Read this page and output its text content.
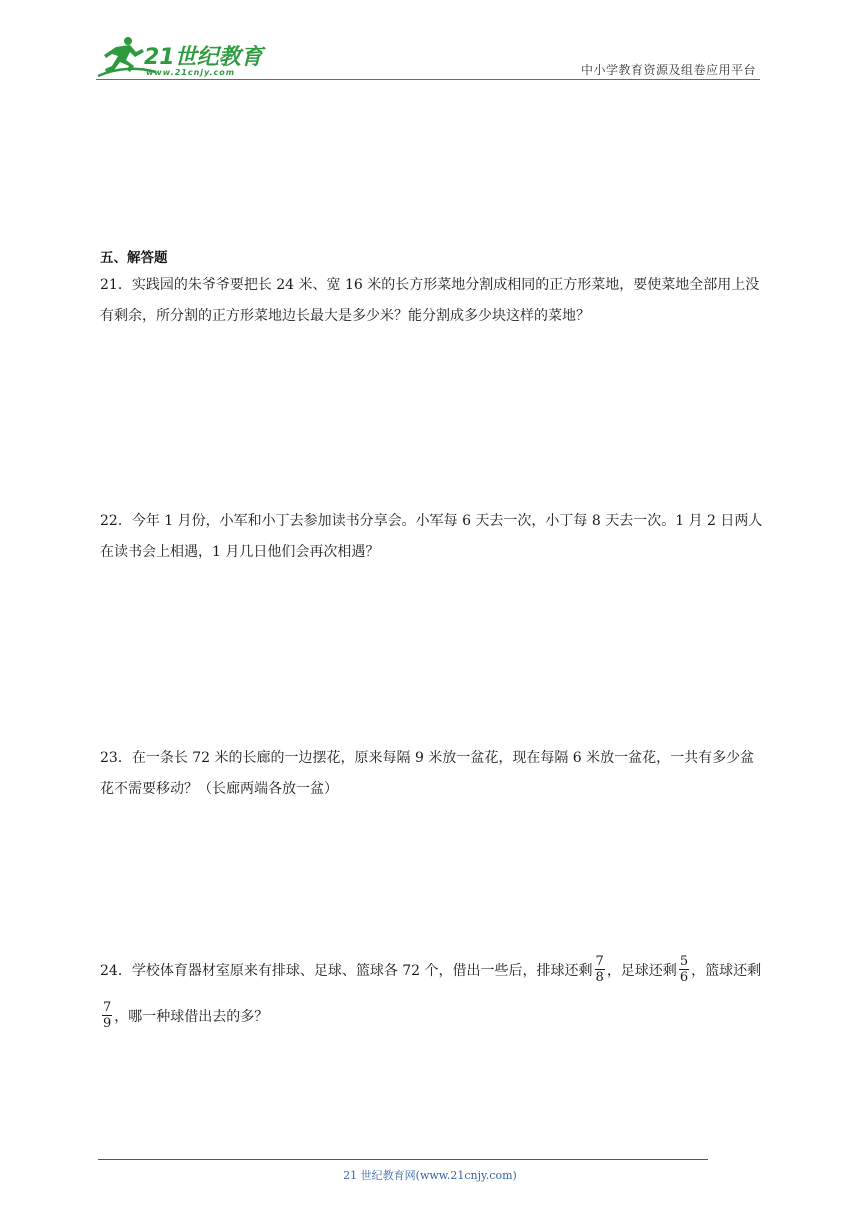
21世纪教育
www.21cnjy.com	中小学教育资源及组卷应用平台
五、解答题
21．实践园的朱爷爷要把长 24 米、宽 16 米的长方形菜地分割成相同的正方形菜地，要使菜地全部用上没有剩余，所分割的正方形菜地边长最大是多少米？能分割成多少块这样的菜地？
22．今年 1 月份，小军和小丁去参加读书分享会。小军每 6 天去一次，小丁每 8 天去一次。1 月 2 日两人在读书会上相遇，1 月几日他们会再次相遇？
23．在一条长 72 米的长廊的一边摆花，原来每隔 9 米放一盆花，现在每隔 6 米放一盆花，一共有多少盆花不需要移动？（长廊两端各放一盆）
24．学校体育器材室原来有排球、足球、篮球各 72 个，借出一些后，排球还剩 $\frac{7}{8}$ ，足球还剩 $\frac{5}{6}$ ，篮球还剩
$\frac{7}{9}$ ，哪一种球借出去的多？
21 世纪教育网(www.21cnjy.com)
